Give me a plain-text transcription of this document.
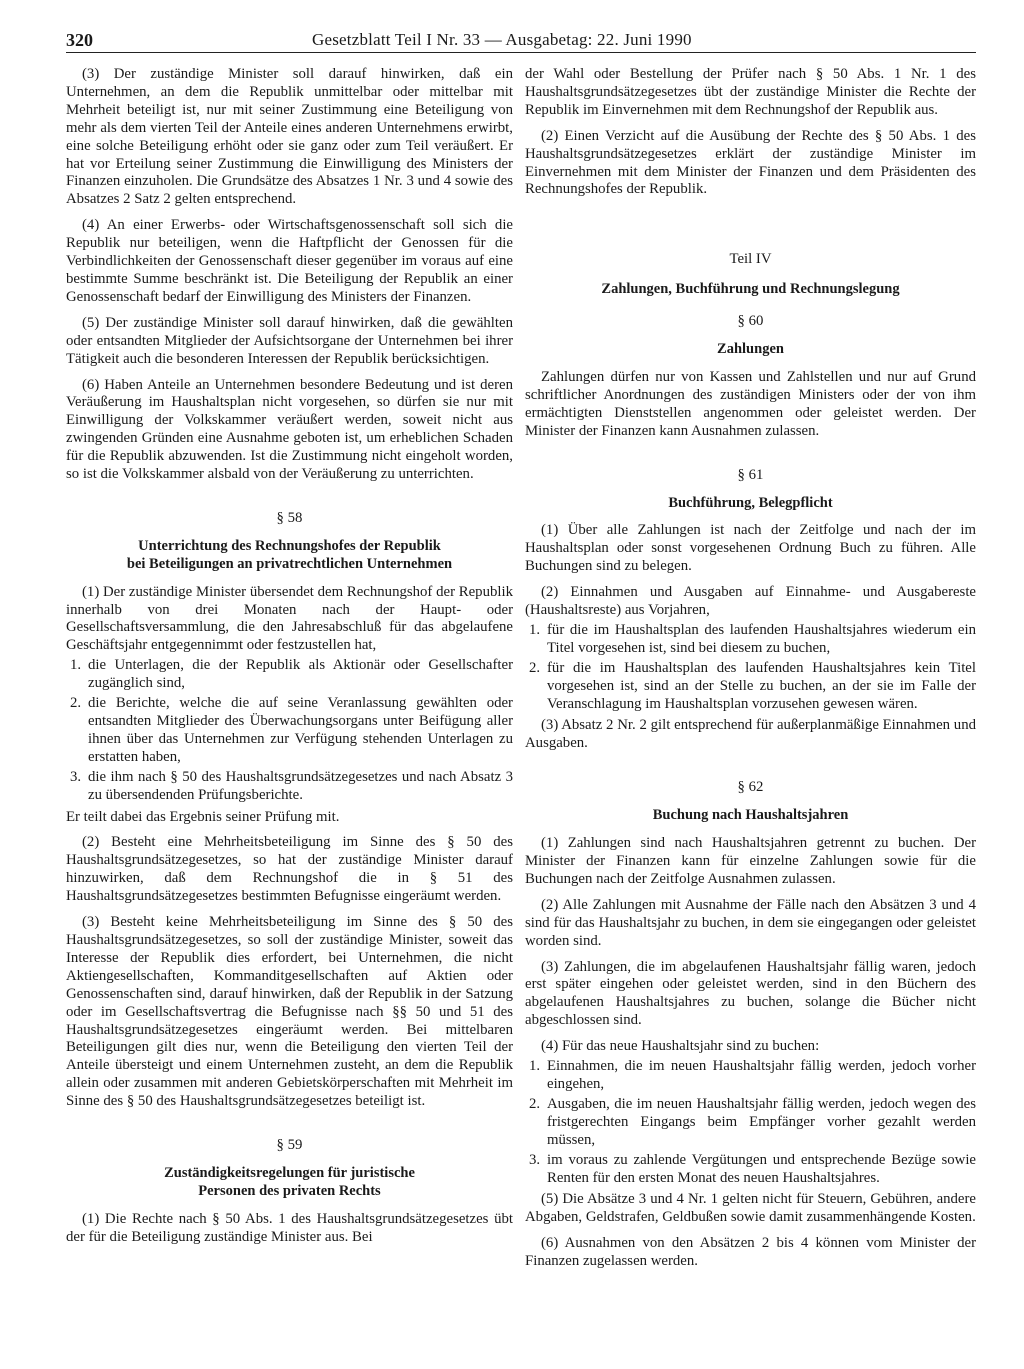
320	Gesetzblatt Teil I Nr. 33 — Ausgabetag: 22. Juni 1990

(3) Der zuständige Minister soll darauf hinwirken, daß ein Unternehmen, an dem die Republik unmittelbar oder mittelbar mit Mehrheit beteiligt ist, nur mit seiner Zustimmung eine Beteiligung von mehr als dem vierten Teil der Anteile eines anderen Unternehmens erwirbt, eine solche Beteiligung erhöht oder sie ganz oder zum Teil veräußert. Er hat vor Erteilung seiner Zustimmung die Einwilligung des Ministers der Finanzen einzuholen. Die Grundsätze des Absatzes 1 Nr. 3 und 4 sowie des Absatzes 2 Satz 2 gelten entsprechend.

(4) An einer Erwerbs- oder Wirtschaftsgenossenschaft soll sich die Republik nur beteiligen, wenn die Haftpflicht der Genossen für die Verbindlichkeiten der Genossenschaft dieser gegenüber im voraus auf eine bestimmte Summe beschränkt ist. Die Beteiligung der Republik an einer Genossenschaft bedarf der Einwilligung des Ministers der Finanzen.

(5) Der zuständige Minister soll darauf hinwirken, daß die gewählten oder entsandten Mitglieder der Aufsichtsorgane der Unternehmen bei ihrer Tätigkeit auch die besonderen Interessen der Republik berücksichtigen.

(6) Haben Anteile an Unternehmen besondere Bedeutung und ist deren Veräußerung im Haushaltsplan nicht vorgesehen, so dürfen sie nur mit Einwilligung der Volkskammer veräußert werden, soweit nicht aus zwingenden Gründen eine Ausnahme geboten ist, um erheblichen Schaden für die Republik abzuwenden. Ist die Zustimmung nicht eingeholt worden, so ist die Volkskammer alsbald von der Veräußerung zu unterrichten.

§ 58
Unterrichtung des Rechnungshofes der Republik
bei Beteiligungen an privatrechtlichen Unternehmen

(1) Der zuständige Minister übersendet dem Rechnungshof der Republik innerhalb von drei Monaten nach der Haupt- oder Gesellschaftsversammlung, die den Jahresabschluß für das abgelaufene Geschäftsjahr entgegennimmt oder festzustellen hat,

1. die Unterlagen, die der Republik als Aktionär oder Gesellschafter zugänglich sind,
2. die Berichte, welche die auf seine Veranlassung gewählten oder entsandten Mitglieder des Überwachungsorgans unter Beifügung aller ihnen über das Unternehmen zur Verfügung stehenden Unterlagen zu erstatten haben,
3. die ihm nach § 50 des Haushaltsgrundsätzegesetzes und nach Absatz 3 zu übersendenden Prüfungsberichte.

Er teilt dabei das Ergebnis seiner Prüfung mit.

(2) Besteht eine Mehrheitsbeteiligung im Sinne des § 50 des Haushaltsgrundsätzegesetzes, so hat der zuständige Minister darauf hinzuwirken, daß dem Rechnungshof die in § 51 des Haushaltsgrundsätzegesetzes bestimmten Befugnisse eingeräumt werden.

(3) Besteht keine Mehrheitsbeteiligung im Sinne des § 50 des Haushaltsgrundsätzegesetzes, so soll der zuständige Minister, soweit das Interesse der Republik dies erfordert, bei Unternehmen, die nicht Aktiengesellschaften, Kommanditgesellschaften auf Aktien oder Genossenschaften sind, darauf hinwirken, daß der Republik in der Satzung oder im Gesellschaftsvertrag die Befugnisse nach §§ 50 und 51 des Haushaltsgrundsätzegesetzes eingeräumt werden. Bei mittelbaren Beteiligungen gilt dies nur, wenn die Beteiligung den vierten Teil der Anteile übersteigt und einem Unternehmen zusteht, an dem die Republik allein oder zusammen mit anderen Gebietskörperschaften mit Mehrheit im Sinne des § 50 des Haushaltsgrundsätzegesetzes beteiligt ist.

§ 59
Zuständigkeitsregelungen für juristische
Personen des privaten Rechts

(1) Die Rechte nach § 50 Abs. 1 des Haushaltsgrundsätzegesetzes übt der für die Beteiligung zuständige Minister aus. Bei

der Wahl oder Bestellung der Prüfer nach § 50 Abs. 1 Nr. 1 des Haushaltsgrundsätzegesetzes übt der zuständige Minister die Rechte der Republik im Einvernehmen mit dem Rechnungshof der Republik aus.

(2) Einen Verzicht auf die Ausübung der Rechte des § 50 Abs. 1 des Haushaltsgrundsätzegesetzes erklärt der zuständige Minister im Einvernehmen mit dem Minister der Finanzen und dem Präsidenten des Rechnungshofes der Republik.

Teil IV
Zahlungen, Buchführung und Rechnungslegung
§ 60
Zahlungen

Zahlungen dürfen nur von Kassen und Zahlstellen und nur auf Grund schriftlicher Anordnungen des zuständigen Ministers oder der von ihm ermächtigten Dienststellen angenommen oder geleistet werden. Der Minister der Finanzen kann Ausnahmen zulassen.

§ 61
Buchführung, Belegpflicht

(1) Über alle Zahlungen ist nach der Zeitfolge und nach der im Haushaltsplan oder sonst vorgesehenen Ordnung Buch zu führen. Alle Buchungen sind zu belegen.

(2) Einnahmen und Ausgaben auf Einnahme- und Ausgabereste (Haushaltsreste) aus Vorjahren,

1. für die im Haushaltsplan des laufenden Haushaltsjahres wiederum ein Titel vorgesehen ist, sind bei diesem zu buchen,
2. für die im Haushaltsplan des laufenden Haushaltsjahres kein Titel vorgesehen ist, sind an der Stelle zu buchen, an der sie im Falle der Veranschlagung im Haushaltsplan vorzusehen gewesen wären.

(3) Absatz 2 Nr. 2 gilt entsprechend für außerplanmäßige Einnahmen und Ausgaben.

§ 62
Buchung nach Haushaltsjahren

(1) Zahlungen sind nach Haushaltsjahren getrennt zu buchen. Der Minister der Finanzen kann für einzelne Zahlungen sowie für die Buchungen nach der Zeitfolge Ausnahmen zulassen.

(2) Alle Zahlungen mit Ausnahme der Fälle nach den Absätzen 3 und 4 sind für das Haushaltsjahr zu buchen, in dem sie eingegangen oder geleistet worden sind.

(3) Zahlungen, die im abgelaufenen Haushaltsjahr fällig waren, jedoch erst später eingehen oder geleistet werden, sind in den Büchern des abgelaufenen Haushaltsjahres zu buchen, solange die Bücher nicht abgeschlossen sind.

(4) Für das neue Haushaltsjahr sind zu buchen:

1. Einnahmen, die im neuen Haushaltsjahr fällig werden, jedoch vorher eingehen,
2. Ausgaben, die im neuen Haushaltsjahr fällig werden, jedoch wegen des fristgerechten Eingangs beim Empfänger vorher gezahlt werden müssen,
3. im voraus zu zahlende Vergütungen und entsprechende Bezüge sowie Renten für den ersten Monat des neuen Haushaltsjahres.

(5) Die Absätze 3 und 4 Nr. 1 gelten nicht für Steuern, Gebühren, andere Abgaben, Geldstrafen, Geldbußen sowie damit zusammenhängende Kosten.

(6) Ausnahmen von den Absätzen 2 bis 4 können vom Minister der Finanzen zugelassen werden.
